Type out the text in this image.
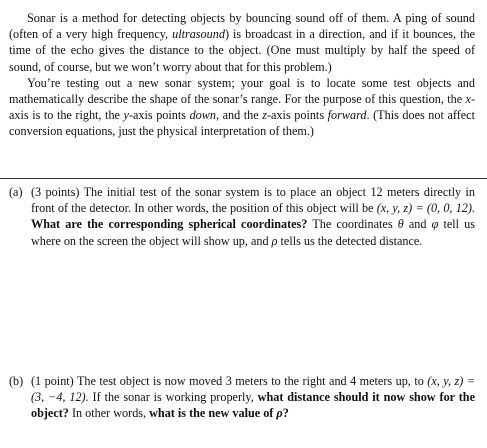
Sonar is a method for detecting objects by bouncing sound off of them. A ping of sound (often of a very high frequency, ultrasound) is broadcast in a direction, and if it bounces, the time of the echo gives the distance to the object. (One must multiply by half the speed of sound, of course, but we won’t worry about that for this problem.)

You’re testing out a new sonar system; your goal is to locate some test objects and mathematically describe the shape of the sonar’s range. For the purpose of this question, the x-axis is to the right, the y-axis points down, and the z-axis points forward. (This does not affect conversion equations, just the physical interpretation of them.)

(a) (3 points) The initial test of the sonar system is to place an object 12 meters directly in front of the detector. In other words, the position of this object will be (x, y, z) = (0, 0, 12). What are the corresponding spherical coordinates? The coordinates θ and φ tell us where on the screen the object will show up, and ρ tells us the detected distance.

(b) (1 point) The test object is now moved 3 meters to the right and 4 meters up, to (x, y, z) = (3, −4, 12). If the sonar is working properly, what distance should it now show for the object? In other words, what is the new value of ρ?
